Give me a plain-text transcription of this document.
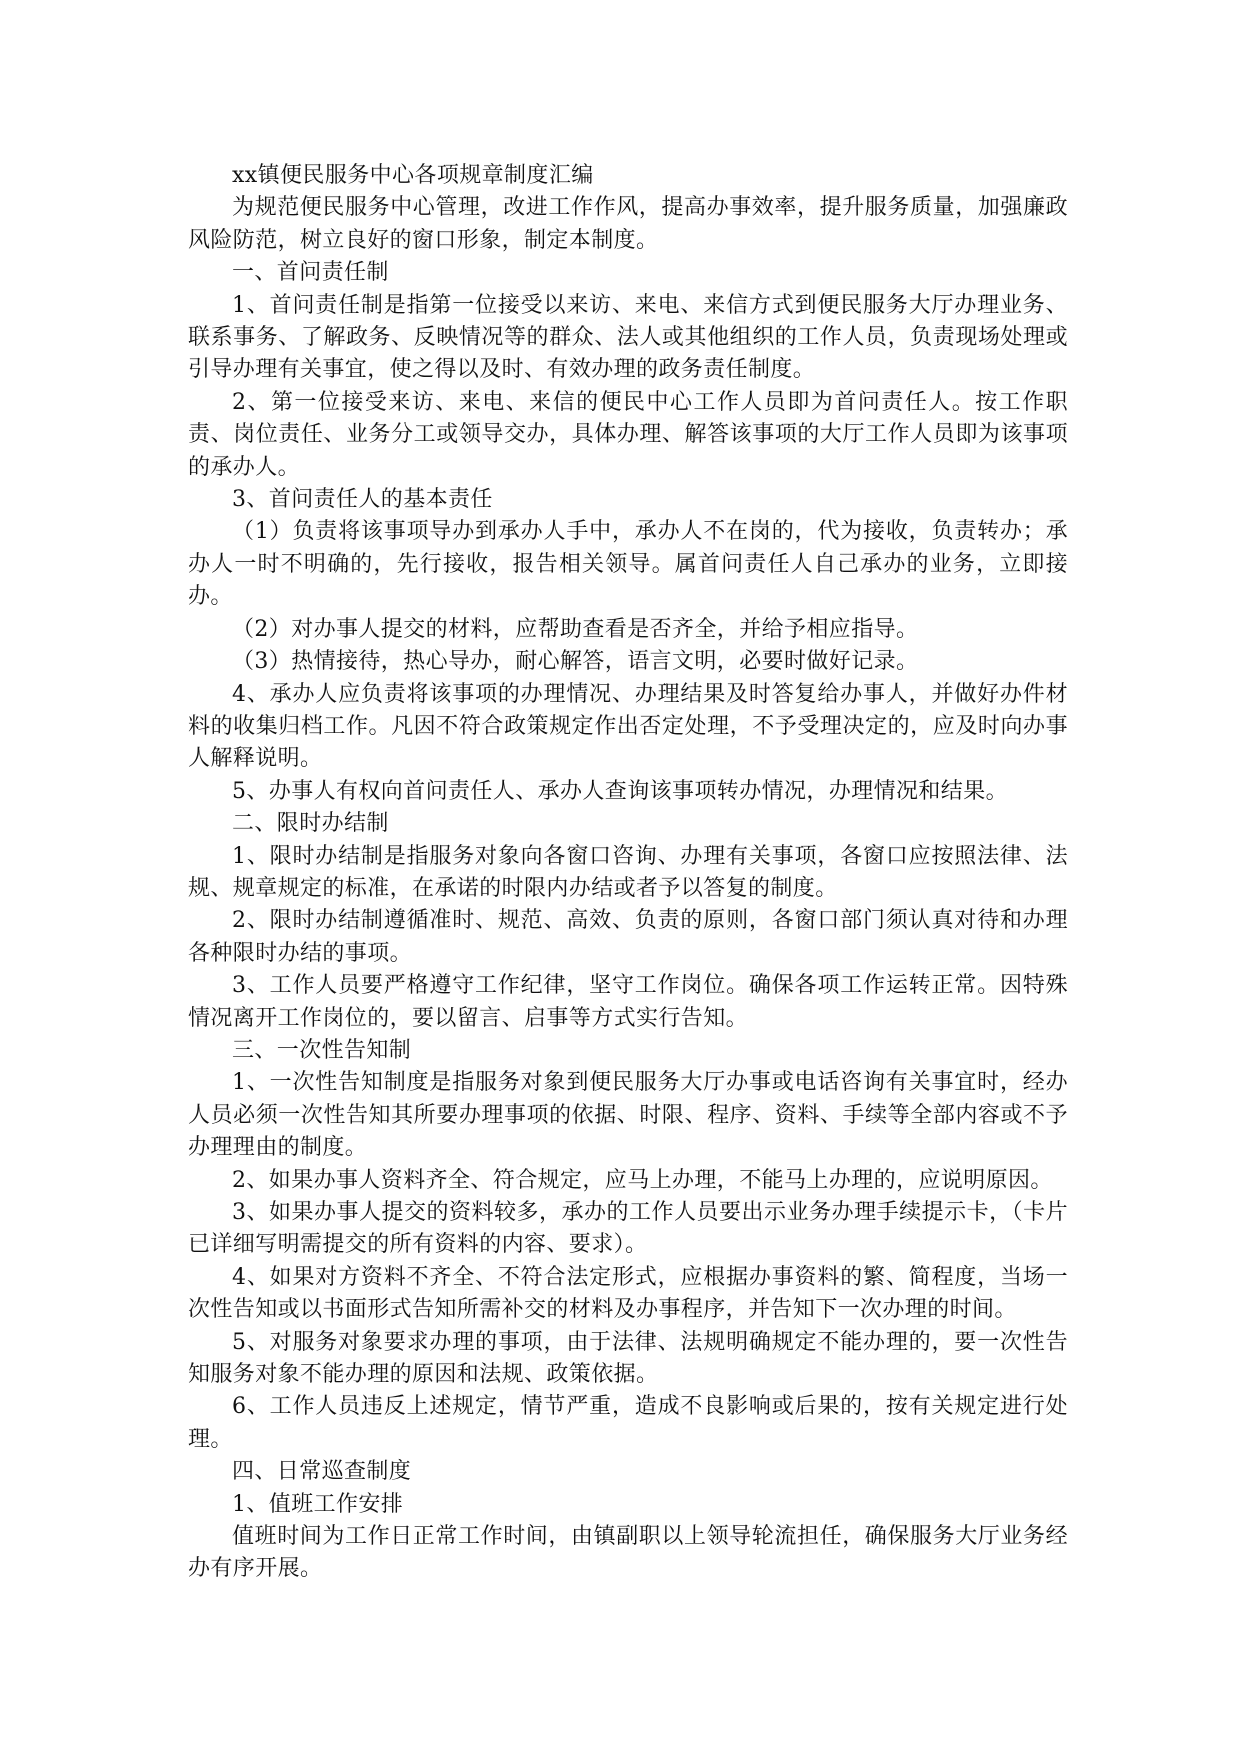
xx镇便民服务中心各项规章制度汇编

为规范便民服务中心管理，改进工作作风，提高办事效率，提升服务质量，加强廉政风险防范，树立良好的窗口形象，制定本制度。

一、首问责任制

1、首问责任制是指第一位接受以来访、来电、来信方式到便民服务大厅办理业务、联系事务、了解政务、反映情况等的群众、法人或其他组织的工作人员，负责现场处理或引导办理有关事宜，使之得以及时、有效办理的政务责任制度。

2、第一位接受来访、来电、来信的便民中心工作人员即为首问责任人。按工作职责、岗位责任、业务分工或领导交办，具体办理、解答该事项的大厅工作人员即为该事项的承办人。

3、首问责任人的基本责任

（1）负责将该事项导办到承办人手中，承办人不在岗的，代为接收，负责转办；承办人一时不明确的，先行接收，报告相关领导。属首问责任人自己承办的业务，立即接办。

（2）对办事人提交的材料，应帮助查看是否齐全，并给予相应指导。

（3）热情接待，热心导办，耐心解答，语言文明，必要时做好记录。

4、承办人应负责将该事项的办理情况、办理结果及时答复给办事人，并做好办件材料的收集归档工作。凡因不符合政策规定作出否定处理，不予受理决定的，应及时向办事人解释说明。

5、办事人有权向首问责任人、承办人查询该事项转办情况，办理情况和结果。

二、限时办结制

1、限时办结制是指服务对象向各窗口咨询、办理有关事项，各窗口应按照法律、法规、规章规定的标准，在承诺的时限内办结或者予以答复的制度。

2、限时办结制遵循准时、规范、高效、负责的原则，各窗口部门须认真对待和办理各种限时办结的事项。

3、工作人员要严格遵守工作纪律，坚守工作岗位。确保各项工作运转正常。因特殊情况离开工作岗位的，要以留言、启事等方式实行告知。

三、一次性告知制

1、一次性告知制度是指服务对象到便民服务大厅办事或电话咨询有关事宜时，经办人员必须一次性告知其所要办理事项的依据、时限、程序、资料、手续等全部内容或不予办理理由的制度。

2、如果办事人资料齐全、符合规定，应马上办理，不能马上办理的，应说明原因。

3、如果办事人提交的资料较多，承办的工作人员要出示业务办理手续提示卡，（卡片已详细写明需提交的所有资料的内容、要求）。

4、如果对方资料不齐全、不符合法定形式，应根据办事资料的繁、简程度，当场一次性告知或以书面形式告知所需补交的材料及办事程序，并告知下一次办理的时间。

5、对服务对象要求办理的事项，由于法律、法规明确规定不能办理的，要一次性告知服务对象不能办理的原因和法规、政策依据。

6、工作人员违反上述规定，情节严重，造成不良影响或后果的，按有关规定进行处理。

四、日常巡查制度

1、值班工作安排

值班时间为工作日正常工作时间，由镇副职以上领导轮流担任，确保服务大厅业务经办有序开展。
